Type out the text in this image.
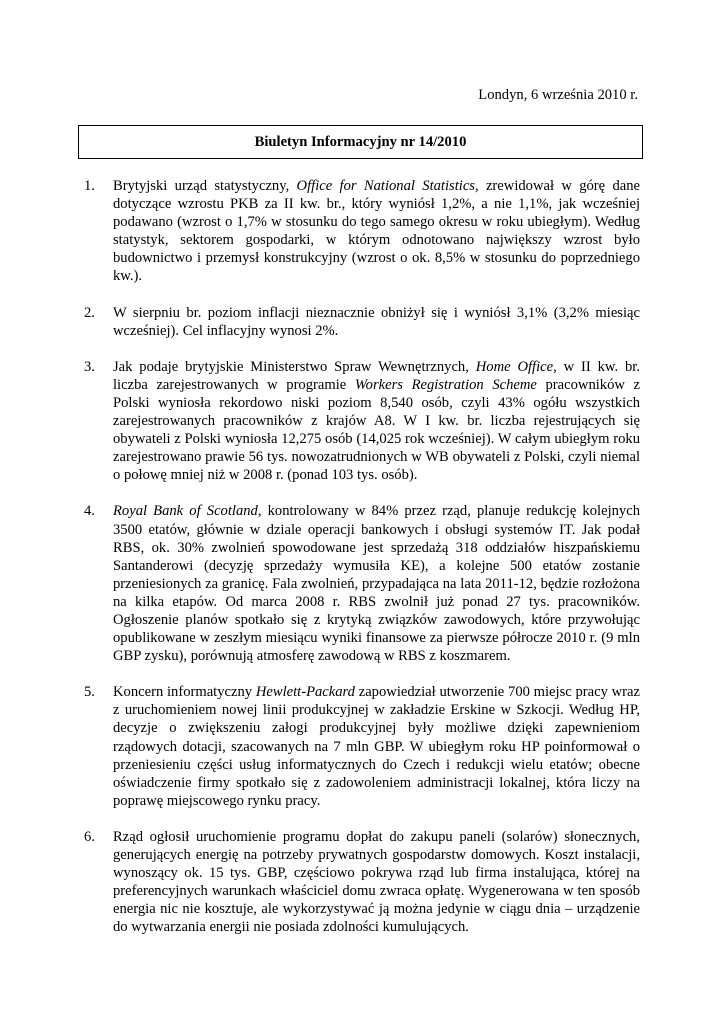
Londyn, 6 września 2010 r.
Biuletyn Informacyjny nr 14/2010
1. Brytyjski urząd statystyczny, Office for National Statistics, zrewidował w górę dane dotyczące wzrostu PKB za II kw. br., który wyniósł 1,2%, a nie 1,1%, jak wcześniej podawano (wzrost o 1,7% w stosunku do tego samego okresu w roku ubiegłym). Według statystyk, sektorem gospodarki, w którym odnotowano największy wzrost było budownictwo i przemysł konstrukcyjny (wzrost o ok. 8,5% w stosunku do poprzedniego kw.).
2. W sierpniu br. poziom inflacji nieznacznie obniżył się i wyniósł 3,1% (3,2% miesiąc wcześniej). Cel inflacyjny wynosi 2%.
3. Jak podaje brytyjskie Ministerstwo Spraw Wewnętrznych, Home Office, w II kw. br. liczba zarejestrowanych w programie Workers Registration Scheme pracowników z Polski wyniosła rekordowo niski poziom 8,540 osób, czyli 43% ogółu wszystkich zarejestrowanych pracowników z krajów A8. W I kw. br. liczba rejestrujących się obywateli z Polski wyniosła 12,275 osób (14,025 rok wcześniej). W całym ubiegłym roku zarejestrowano prawie 56 tys. nowozatrudnionych w WB obywateli z Polski, czyli niemal o połowę mniej niż w 2008 r. (ponad 103 tys. osób).
4. Royal Bank of Scotland, kontrolowany w 84% przez rząd, planuje redukcję kolejnych 3500 etatów, głównie w dziale operacji bankowych i obsługi systemów IT. Jak podał RBS, ok. 30% zwolnień spowodowane jest sprzedażą 318 oddziałów hiszpańskiemu Santanderowi (decyzję sprzedaży wymusiła KE), a kolejne 500 etatów zostanie przeniesionych za granicę. Fala zwolnień, przypadająca na lata 2011-12, będzie rozłożona na kilka etapów. Od marca 2008 r. RBS zwolnił już ponad 27 tys. pracowników. Ogłoszenie planów spotkało się z krytyką związków zawodowych, które przywołując opublikowane w zeszłym miesiącu wyniki finansowe za pierwsze półrocze 2010 r. (9 mln GBP zysku), porównują atmosferę zawodową w RBS z koszmarem.
5. Koncern informatyczny Hewlett-Packard zapowiedział utworzenie 700 miejsc pracy wraz z uruchomieniem nowej linii produkcyjnej w zakładzie Erskine w Szkocji. Według HP, decyzje o zwiększeniu załogi produkcyjnej były możliwe dzięki zapewnieniom rządowych dotacji, szacowanych na 7 mln GBP. W ubiegłym roku HP poinformował o przeniesieniu części usług informatycznych do Czech i redukcji wielu etatów; obecne oświadczenie firmy spotkało się z zadowoleniem administracji lokalnej, która liczy na poprawę miejscowego rynku pracy.
6. Rząd ogłosił uruchomienie programu dopłat do zakupu paneli (solarów) słonecznych, generujących energię na potrzeby prywatnych gospodarstw domowych. Koszt instalacji, wynoszący ok. 15 tys. GBP, częściowo pokrywa rząd lub firma instalująca, której na preferencyjnych warunkach właściciel domu zwraca opłatę. Wygenerowana w ten sposób energia nic nie kosztuje, ale wykorzystywać ją można jedynie w ciągu dnia – urządzenie do wytwarzania energii nie posiada zdolności kumulujących.
